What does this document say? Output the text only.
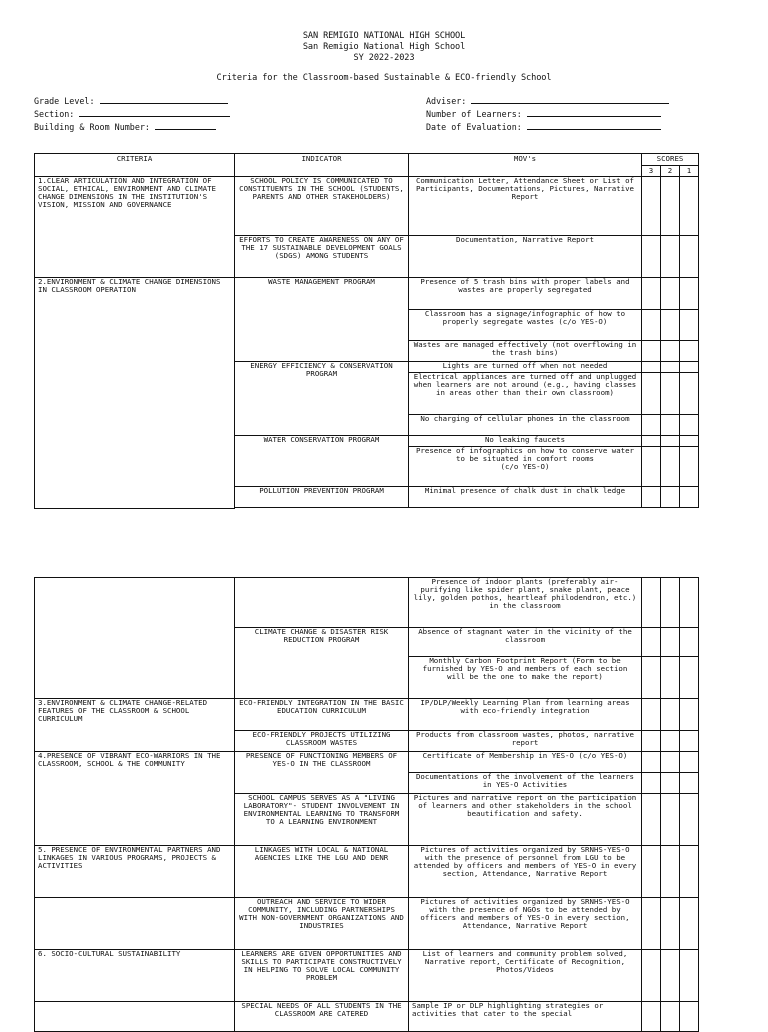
SAN REMIGIO NATIONAL HIGH SCHOOL
San Remigio National High School
SY 2022-2023
Criteria for the Classroom-based Sustainable & ECO-friendly School
Grade Level:
Section:
Building & Room Number:
Adviser:
Number of Learners:
Date of Evaluation:
CRITERIA	INDICATOR	MOV's	SCORES		
			3	2	1
1.CLEAR ARTICULATION AND INTEGRATION OF SOCIAL, ETHICAL, ENVIRONMENT AND CLIMATE CHANGE DIMENSIONS IN THE INSTITUTION'S VISION, MISSION AND GOVERNANCE	SCHOOL POLICY IS COMMUNICATED TO CONSTITUENTS IN THE SCHOOL (STUDENTS, PARENTS AND OTHER STAKEHOLDERS)	Communication Letter, Attendance Sheet or List of Participants, Documentations, Pictures, Narrative Report			
	EFFORTS TO CREATE AWARENESS ON ANY OF THE 17 SUSTAINABLE DEVELOPMENT GOALS (SDGS) AMONG STUDENTS	Documentation, Narrative Report			
2.ENVIRONMENT & CLIMATE CHANGE DIMENSIONS IN CLASSROOM OPERATION	WASTE MANAGEMENT PROGRAM	Presence of 5 trash bins with proper labels and wastes are properly segregated			
		Classroom has a signage/infographic of how to properly segregate wastes (c/o YES-O)			
		Wastes are managed effectively (not overflowing in the trash bins)			
	ENERGY EFFICIENCY & CONSERVATION PROGRAM	Lights are turned off when not needed			
		Electrical appliances are turned off and unplugged when learners are not around (e.g., having classes in areas other than their own classroom)			
		No charging of cellular phones in the classroom			
	WATER CONSERVATION PROGRAM	No leaking faucets			
		Presence of infographics on how to conserve water to be situated in comfort rooms
(c/o YES-O)			
	POLLUTION PREVENTION PROGRAM	Minimal presence of chalk dust in chalk ledge			

		Presence of indoor plants (preferably air-purifying like spider plant, snake plant, peace lily, golden pothos, heartleaf philodendron, etc.) in the classroom			
	CLIMATE CHANGE & DISASTER RISK REDUCTION PROGRAM	Absence of stagnant water in the vicinity of the classroom			
		Monthly Carbon Footprint Report (Form to be furnished by YES-O and members of each section will be the one to make the report)			
3.ENVIRONMENT & CLIMATE CHANGE-RELATED FEATURES OF THE CLASSROOM & SCHOOL CURRICULUM	ECO-FRIENDLY INTEGRATION IN THE BASIC EDUCATION CURRICULUM	IP/DLP/Weekly Learning Plan from learning areas with eco-friendly integration			
	ECO-FRIENDLY PROJECTS UTILIZING CLASSROOM WASTES	Products from classroom wastes, photos, narrative report			
4.PRESENCE OF VIBRANT ECO-WARRIORS IN THE CLASSROOM, SCHOOL & THE COMMUNITY	PRESENCE OF FUNCTIONING MEMBERS OF YES-O IN THE CLASSROOM	Certificate of Membership in YES-O (c/o YES-O)			
		Documentations of the involvement of the learners in YES-O Activities			
	SCHOOL CAMPUS SERVES AS A "LIVING LABORATORY"- STUDENT INVOLVEMENT IN ENVIRONMENTAL LEARNING TO TRANSFORM TO A LEARNING ENVIRONMENT	Pictures and narrative report on the participation of learners and other stakeholders in the school beautification and safety.			
5. PRESENCE OF ENVIRONMENTAL PARTNERS AND LINKAGES IN VARIOUS PROGRAMS, PROJECTS & ACTIVITIES	LINKAGES WITH LOCAL & NATIONAL AGENCIES LIKE THE LGU AND DENR	Pictures of activities organized by SRNHS-YES-O with the presence of personnel from LGU to be attended by officers and members of YES-O in every section, Attendance, Narrative Report			
	OUTREACH AND SERVICE TO WIDER COMMUNITY, INCLUDING PARTNERSHIPS WITH NON-GOVERNMENT ORGANIZATIONS AND INDUSTRIES	Pictures of activities organized by SRNHS-YES-O with the presence of NGOs to be attended by officers and members of YES-O in every section, Attendance, Narrative Report			
6. SOCIO-CULTURAL SUSTAINABILITY	LEARNERS ARE GIVEN OPPORTUNITIES AND SKILLS TO PARTICIPATE CONSTRUCTIVELY IN HELPING TO SOLVE LOCAL COMMUNITY PROBLEM	List of learners and community problem solved, Narrative report, Certificate of Recognition, Photos/Videos			
	SPECIAL NEEDS OF ALL STUDENTS IN THE CLASSROOM ARE CATERED	Sample IP or DLP highlighting strategies or activities that cater to the special			
